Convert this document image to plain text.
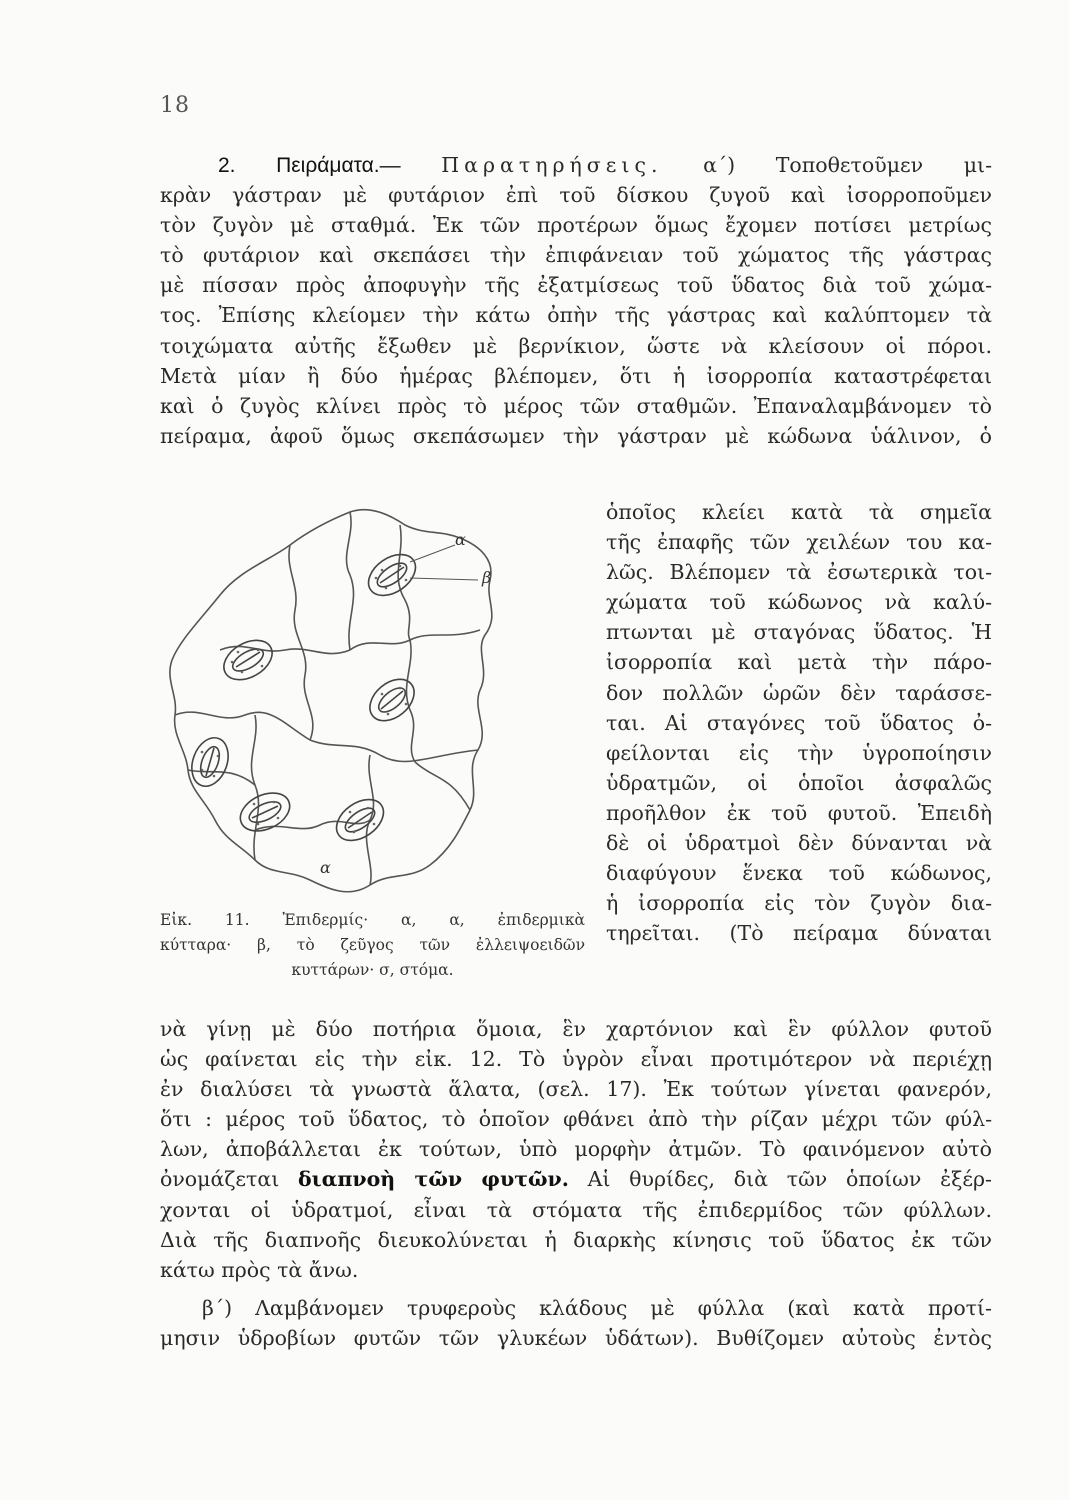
18
2. Πειράματα.— Παρατηρήσεις. α΄) Τοποθετοῦμεν μι-
κρὰν γάστραν μὲ φυτάριον ἐπὶ τοῦ δίσκου ζυγοῦ καὶ ἰσορροποῦμεν
τὸν ζυγὸν μὲ σταθμά. Ἐκ τῶν προτέρων ὅμως ἔχομεν ποτίσει μετρίως
τὸ φυτάριον καὶ σκεπάσει τὴν ἐπιφάνειαν τοῦ χώματος τῆς γάστρας
μὲ πίσσαν πρὸς ἀποφυγὴν τῆς ἐξατμίσεως τοῦ ὕδατος διὰ τοῦ χώμα-
τος. Ἐπίσης κλείομεν τὴν κάτω ὀπὴν τῆς γάστρας καὶ καλύπτομεν τὰ
τοιχώματα αὐτῆς ἔξωθεν μὲ βερνίκιον, ὥστε νὰ κλείσουν οἱ πόροι.
Μετὰ μίαν ἢ δύο ἡμέρας βλέπομεν, ὅτι ἡ ἰσορροπία καταστρέφεται
καὶ ὁ ζυγὸς κλίνει πρὸς τὸ μέρος τῶν σταθμῶν. Ἐπαναλαμβάνομεν τὸ
πείραμα, ἀφοῦ ὅμως σκεπάσωμεν τὴν γάστραν μὲ κώδωνα ὑάλινον, ὁ
α
β
α
ὁποῖος κλείει κατὰ τὰ σημεῖα
τῆς ἐπαφῆς τῶν χειλέων του κα-
λῶς. Βλέπομεν τὰ ἐσωτερικὰ τοι-
χώματα τοῦ κώδωνος νὰ καλύ-
πτωνται μὲ σταγόνας ὕδατος. Ἡ
ἰσορροπία καὶ μετὰ τὴν πάρο-
δον πολλῶν ὡρῶν δὲν ταράσσε-
ται. Αἱ σταγόνες τοῦ ὕδατος ὀ-
φείλονται εἰς τὴν ὑγροποίησιν
ὑδρατμῶν, οἱ ὁποῖοι ἀσφαλῶς
προῆλθον ἐκ τοῦ φυτοῦ. Ἐπειδὴ
δὲ οἱ ὑδρατμοὶ δὲν δύνανται νὰ
διαφύγουν ἕνεκα τοῦ κώδωνος,
ἡ ἰσορροπία εἰς τὸν ζυγὸν δια-
τηρεῖται. (Τὸ πείραμα δύναται
Εἰκ. 11. Ἐπιδερμίς· α, α, ἐπιδερμικὰ
κύτταρα· β, τὸ ζεῦγος τῶν ἐλλειψοειδῶν
κυττάρων· σ, στόμα.
νὰ γίνῃ μὲ δύο ποτήρια ὅμοια, ἓν χαρτόνιον καὶ ἓν φύλλον φυτοῦ
ὡς φαίνεται εἰς τὴν εἰκ. 12. Τὸ ὑγρὸν εἶναι προτιμότερον νὰ περιέχῃ
ἐν διαλύσει τὰ γνωστὰ ἅλατα, (σελ. 17). Ἐκ τούτων γίνεται φανερόν,
ὅτι : μέρος τοῦ ὕδατος, τὸ ὁποῖον φθάνει ἀπὸ τὴν ρίζαν μέχρι τῶν φύλ-
λων, ἀποβάλλεται ἐκ τούτων, ὑπὸ μορφὴν ἀτμῶν. Τὸ φαινόμενον αὐτὸ
ὀνομάζεται διαπνοὴ τῶν φυτῶν. Αἱ θυρίδες, διὰ τῶν ὁποίων ἐξέρ-
χονται οἱ ὑδρατμοί, εἶναι τὰ στόματα τῆς ἐπιδερμίδος τῶν φύλλων.
Διὰ τῆς διαπνοῆς διευκολύνεται ἡ διαρκὴς κίνησις τοῦ ὕδατος ἐκ τῶν
κάτω πρὸς τὰ ἄνω.
β΄) Λαμβάνομεν τρυφεροὺς κλάδους μὲ φύλλα (καὶ κατὰ προτί-
μησιν ὑδροβίων φυτῶν τῶν γλυκέων ὑδάτων). Βυθίζομεν αὐτοὺς ἐντὸς
